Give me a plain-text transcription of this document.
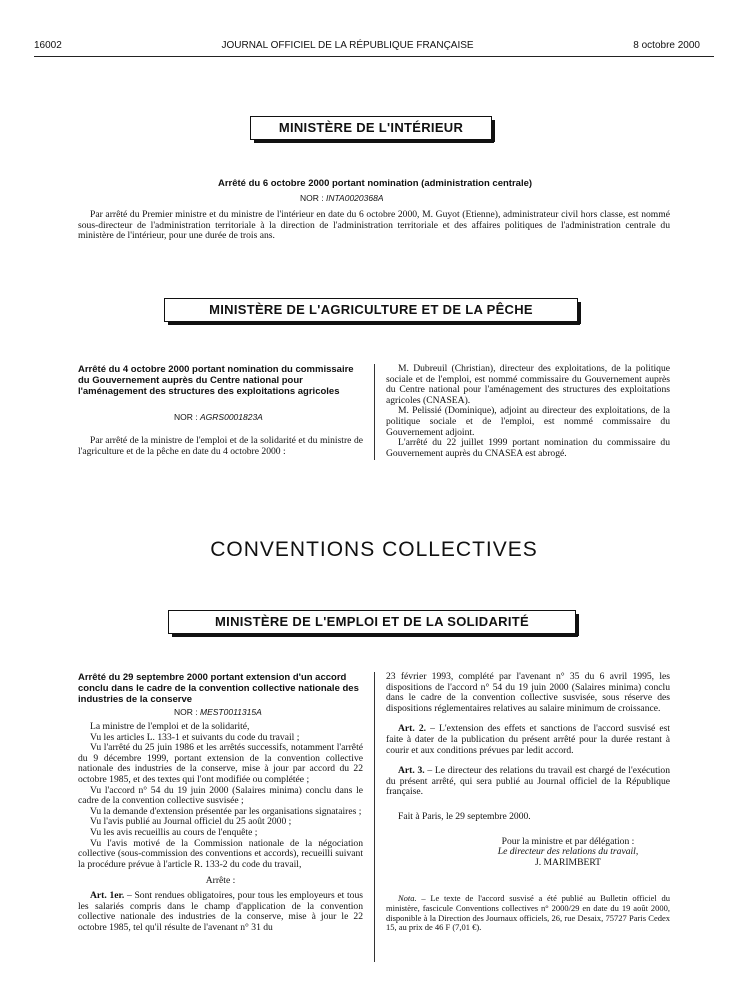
16002	JOURNAL OFFICIEL DE LA RÉPUBLIQUE FRANÇAISE	8 octobre 2000
MINISTÈRE DE L'INTÉRIEUR
Arrêté du 6 octobre 2000 portant nomination (administration centrale)
NOR : INTA0020368A

Par arrêté du Premier ministre et du ministre de l'intérieur en date du 6 octobre 2000, M. Guyot (Etienne), administrateur civil hors classe, est nommé sous-directeur de l'administration territoriale à la direction de l'administration territoriale et des affaires politiques de l'administration centrale du ministère de l'intérieur, pour une durée de trois ans.

MINISTÈRE DE L'AGRICULTURE ET DE LA PÊCHE
Arrêté du 4 octobre 2000 portant nomination du commissaire du Gouvernement auprès du Centre national pour l'aménagement des structures des exploitations agricoles
NOR : AGRS0001823A

Par arrêté de la ministre de l'emploi et de la solidarité et du ministre de l'agriculture et de la pêche en date du 4 octobre 2000 :

M. Dubreuil (Christian), directeur des exploitations, de la politique sociale et de l'emploi, est nommé commissaire du Gouvernement auprès du Centre national pour l'aménagement des structures des exploitations agricoles (CNASEA).

M. Pelissié (Dominique), adjoint au directeur des exploitations, de la politique sociale et de l'emploi, est nommé commissaire du Gouvernement adjoint.

L'arrêté du 22 juillet 1999 portant nomination du commissaire du Gouvernement auprès du CNASEA est abrogé.

CONVENTIONS COLLECTIVES
MINISTÈRE DE L'EMPLOI ET DE LA SOLIDARITÉ
Arrêté du 29 septembre 2000 portant extension d'un accord conclu dans le cadre de la convention collective nationale des industries de la conserve
NOR : MEST0011315A

La ministre de l'emploi et de la solidarité,

Vu les articles L. 133-1 et suivants du code du travail ;

Vu l'arrêté du 25 juin 1986 et les arrêtés successifs, notamment l'arrêté du 9 décembre 1999, portant extension de la convention collective nationale des industries de la conserve, mise à jour par accord du 22 octobre 1985, et des textes qui l'ont modifiée ou complétée ;

Vu l'accord n° 54 du 19 juin 2000 (Salaires minima) conclu dans le cadre de la convention collective susvisée ;

Vu la demande d'extension présentée par les organisations signataires ;

Vu l'avis publié au Journal officiel du 25 août 2000 ;

Vu les avis recueillis au cours de l'enquête ;

Vu l'avis motivé de la Commission nationale de la négociation collective (sous-commission des conventions et accords), recueilli suivant la procédure prévue à l'article R. 133-2 du code du travail,

Arrête :

Art. 1er. – Sont rendues obligatoires, pour tous les employeurs et tous les salariés compris dans le champ d'application de la convention collective nationale des industries de la conserve, mise à jour le 22 octobre 1985, tel qu'il résulte de l'avenant n° 31 du

23 février 1993, complété par l'avenant n° 35 du 6 avril 1995, les dispositions de l'accord n° 54 du 19 juin 2000 (Salaires minima) conclu dans le cadre de la convention collective susvisée, sous réserve des dispositions réglementaires relatives au salaire minimum de croissance.

Art. 2. – L'extension des effets et sanctions de l'accord susvisé est faite à dater de la publication du présent arrêté pour la durée restant à courir et aux conditions prévues par ledit accord.

Art. 3. – Le directeur des relations du travail est chargé de l'exécution du présent arrêté, qui sera publié au Journal officiel de la République française.

Fait à Paris, le 29 septembre 2000.

Pour la ministre et par délégation :
Le directeur des relations du travail,
J. MARIMBERT

Nota. – Le texte de l'accord susvisé a été publié au Bulletin officiel du ministère, fascicule Conventions collectives n° 2000/29 en date du 19 août 2000, disponible à la Direction des Journaux officiels, 26, rue Desaix, 75727 Paris Cedex 15, au prix de 46 F (7,01 €).
